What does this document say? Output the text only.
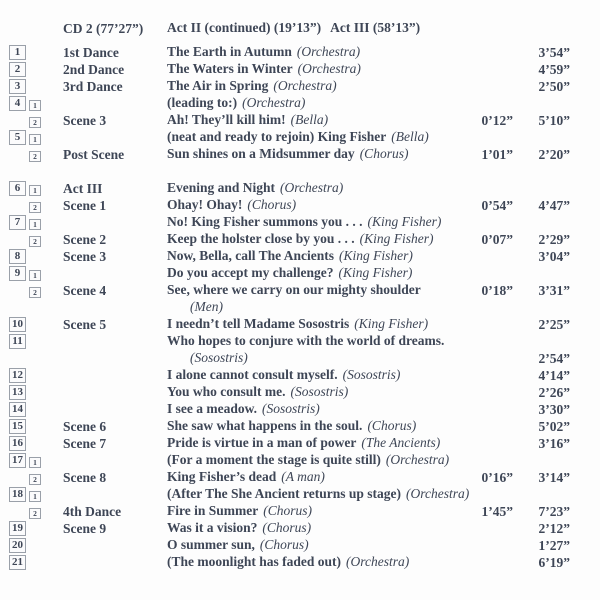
CD 2 (77’27”)	Act II (continued) (19’13”) Act III (58’13”)
1	1st Dance	The Earth in Autumn (Orchestra)	3’54”
2	2nd Dance	The Waters in Winter (Orchestra)	4’59”
3	3rd Dance	The Air in Spring (Orchestra)	2’50”
4	1	(leading to:) (Orchestra)
2	Scene 3	Ah! They’ll kill him! (Bella)	0’12”	5’10”
5	1	(neat and ready to rejoin) King Fisher (Bella)
2	Post Scene	Sun shines on a Midsummer day (Chorus)	1’01”	2’20”
6	1	Act III	Evening and Night (Orchestra)
2	Scene 1	Ohay! Ohay! (Chorus)	0’54”	4’47”
7	1	No! King Fisher summons you . . . (King Fisher)
2	Scene 2	Keep the holster close by you . . . (King Fisher)	0’07”	2’29”
8	Scene 3	Now, Bella, call The Ancients (King Fisher)	3’04”
9	1	Do you accept my challenge? (King Fisher)
2	Scene 4	See, where we carry on our mighty shoulder	0’18”	3’31”
(Men)
10	Scene 5	I needn’t tell Madame Sosostris (King Fisher)	2’25”
11	Who hopes to conjure with the world of dreams.
(Sosostris)	2’54”
12	I alone cannot consult myself. (Sosostris)	4’14”
13	You who consult me. (Sosostris)	2’26”
14	I see a meadow. (Sosostris)	3’30”
15	Scene 6	She saw what happens in the soul. (Chorus)	5’02”
16	Scene 7	Pride is virtue in a man of power (The Ancients)	3’16”
17	1	(For a moment the stage is quite still) (Orchestra)
2	Scene 8	King Fisher’s dead (A man)	0’16”	3’14”
18	1	(After The She Ancient returns up stage) (Orchestra)
2	4th Dance	Fire in Summer (Chorus)	1’45”	7’23”
19	Scene 9	Was it a vision? (Chorus)	2’12”
20	O summer sun, (Chorus)	1’27”
21	(The moonlight has faded out) (Orchestra)	6’19”
